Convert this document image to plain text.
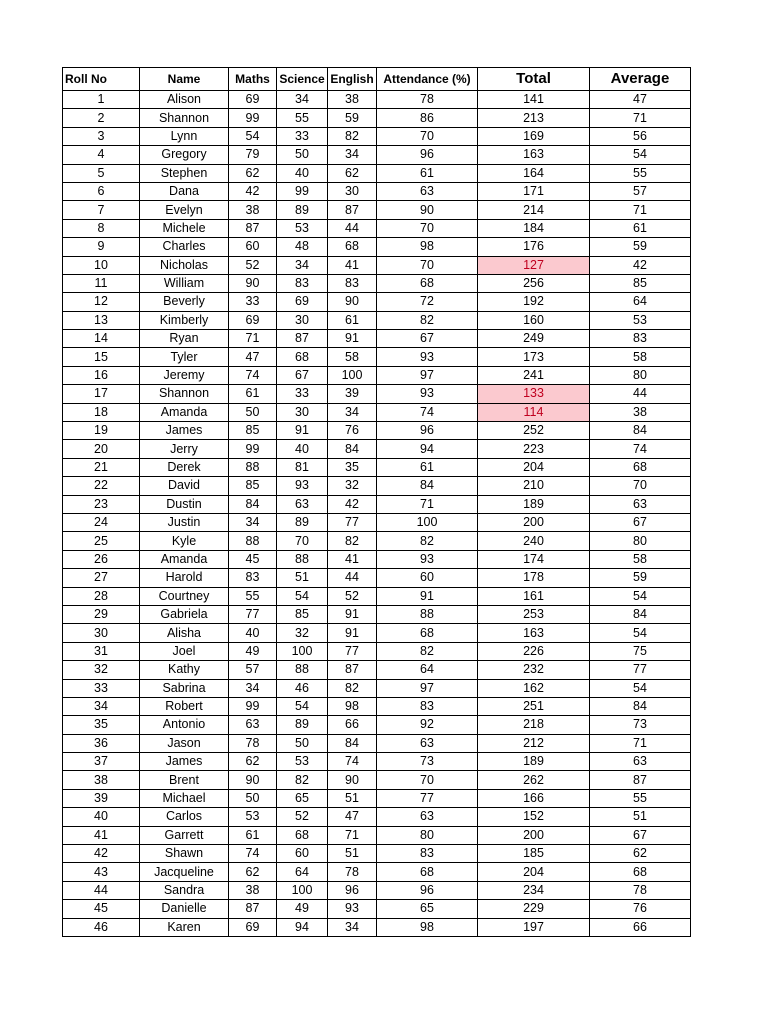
Roll No	Name	Maths	Science	English	Attendance (%)	Total	Average
1	Alison	69	34	38	78	141	47
2	Shannon	99	55	59	86	213	71
3	Lynn	54	33	82	70	169	56
4	Gregory	79	50	34	96	163	54
5	Stephen	62	40	62	61	164	55
6	Dana	42	99	30	63	171	57
7	Evelyn	38	89	87	90	214	71
8	Michele	87	53	44	70	184	61
9	Charles	60	48	68	98	176	59
10	Nicholas	52	34	41	70	127	42
11	William	90	83	83	68	256	85
12	Beverly	33	69	90	72	192	64
13	Kimberly	69	30	61	82	160	53
14	Ryan	71	87	91	67	249	83
15	Tyler	47	68	58	93	173	58
16	Jeremy	74	67	100	97	241	80
17	Shannon	61	33	39	93	133	44
18	Amanda	50	30	34	74	114	38
19	James	85	91	76	96	252	84
20	Jerry	99	40	84	94	223	74
21	Derek	88	81	35	61	204	68
22	David	85	93	32	84	210	70
23	Dustin	84	63	42	71	189	63
24	Justin	34	89	77	100	200	67
25	Kyle	88	70	82	82	240	80
26	Amanda	45	88	41	93	174	58
27	Harold	83	51	44	60	178	59
28	Courtney	55	54	52	91	161	54
29	Gabriela	77	85	91	88	253	84
30	Alisha	40	32	91	68	163	54
31	Joel	49	100	77	82	226	75
32	Kathy	57	88	87	64	232	77
33	Sabrina	34	46	82	97	162	54
34	Robert	99	54	98	83	251	84
35	Antonio	63	89	66	92	218	73
36	Jason	78	50	84	63	212	71
37	James	62	53	74	73	189	63
38	Brent	90	82	90	70	262	87
39	Michael	50	65	51	77	166	55
40	Carlos	53	52	47	63	152	51
41	Garrett	61	68	71	80	200	67
42	Shawn	74	60	51	83	185	62
43	Jacqueline	62	64	78	68	204	68
44	Sandra	38	100	96	96	234	78
45	Danielle	87	49	93	65	229	76
46	Karen	69	94	34	98	197	66
